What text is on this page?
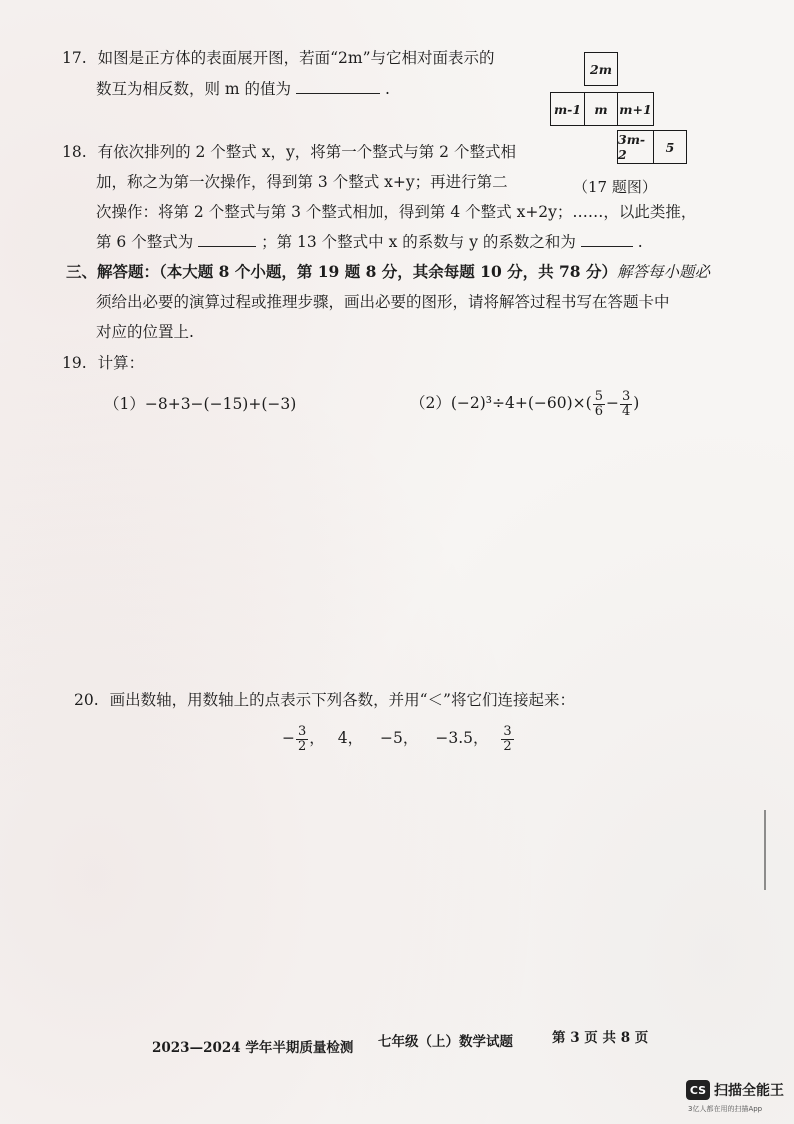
17. 如图是正方体的表面展开图，若面“2m”与它相对面表示的
数互为相反数，则 m 的值为	.
2m
m-1	m m+1
3m-2	5
（17 题图）
18. 有依次排列的 2 个整式 x，y，将第一个整式与第 2 个整式相
加，称之为第一次操作，得到第 3 个整式 x+y；再进行第二
次操作：将第 2 个整式与第 3 个整式相加，得到第 4 个整式 x+2y；……，以此类推，
第 6 个整式为	；第 13 个整式中 x 的系数与 y 的系数之和为	.
三、解答题：（本大题 8 个小题，第 19 题 8 分，其余每题 10 分，共 78 分）解答每小题必
须给出必要的演算过程或推理步骤，画出必要的图形，请将解答过程书写在答题卡中
对应的位置上.
19. 计算：
（1）−8+3−(−15)+(−3)	$(2)(-2)^3\div 4+(-60)\times( \frac{5}{6} - \frac{3}{4}$ )
20. 画出数轴，用数轴上的点表示下列各数，并用“＜”将它们连接起来：
− $\frac{3}{2}$ ， 4， −5， −3.5， $\frac{3}{2}$
2023—2024 学年半期质量检测 七年级（上）数学试题	第 3 页 共 8 页
CS 扫描全能王
3亿人都在用的扫描App
